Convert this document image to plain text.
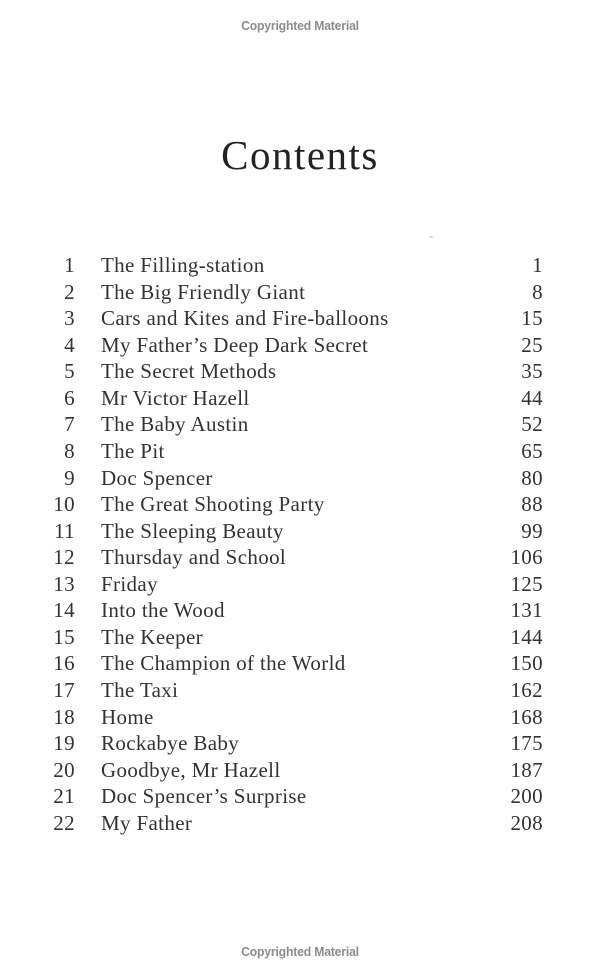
Copyrighted Material
Contents
1	The Filling-station	1
2	The Big Friendly Giant	8
3	Cars and Kites and Fire-balloons	15
4	My Father’s Deep Dark Secret	25
5	The Secret Methods	35
6	Mr Victor Hazell	44
7	The Baby Austin	52
8	The Pit	65
9	Doc Spencer	80
10	The Great Shooting Party	88
11	The Sleeping Beauty	99
12	Thursday and School	106
13	Friday	125
14	Into the Wood	131
15	The Keeper	144
16	The Champion of the World	150
17	The Taxi	162
18	Home	168
19	Rockabye Baby	175
20	Goodbye, Mr Hazell	187
21	Doc Spencer’s Surprise	200
22	My Father	208
Copyrighted Material
